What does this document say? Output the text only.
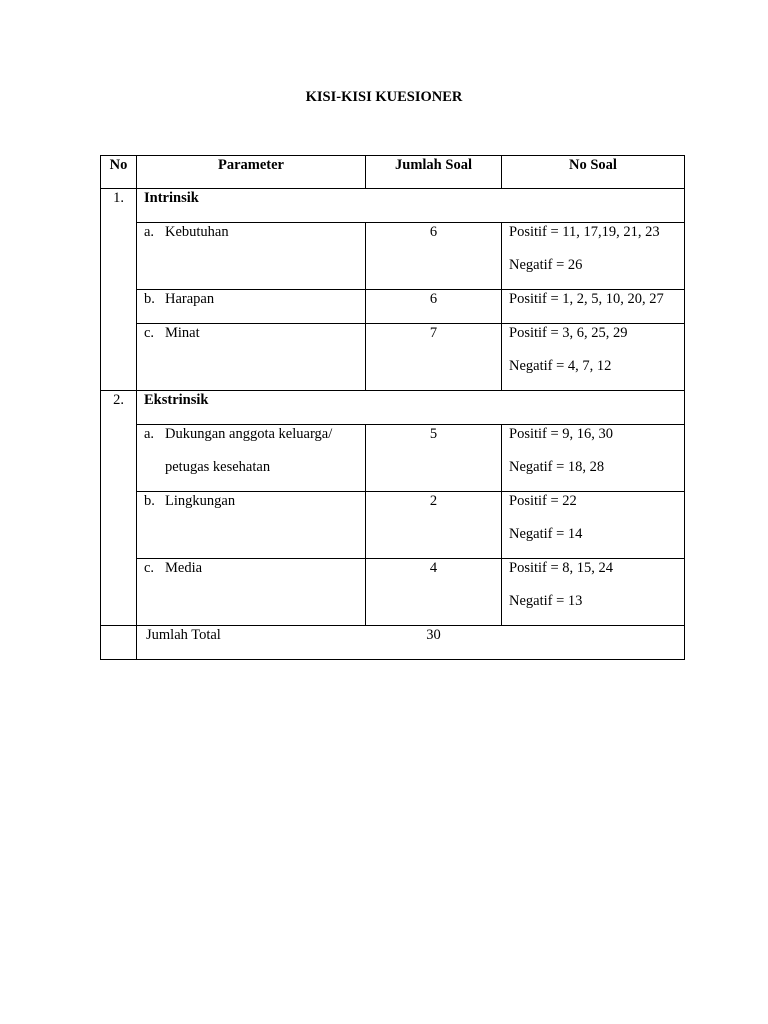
KISI-KISI KUESIONER
No	Parameter	Jumlah Soal	No Soal
1.	Intrinsik		

	a. Kebutuhan	6	Positif = 11, 17,19, 21, 23
Negatif = 26

	b. Harapan	6	Positif = 1, 2, 5, 10, 20, 27

	c. Minat	7	Positif = 3, 6, 25, 29
Negatif = 4, 7, 12

2.	Ekstrinsik		

	a. Dukungan anggota keluarga/
petugas kesehatan	5	Positif = 9, 16, 30
Negatif = 18, 28

	b. Lingkungan	2	Positif = 22
Negatif = 14

	c. Media	4	Positif = 8, 15, 24
Negatif = 13

	Jumlah Total	30	
